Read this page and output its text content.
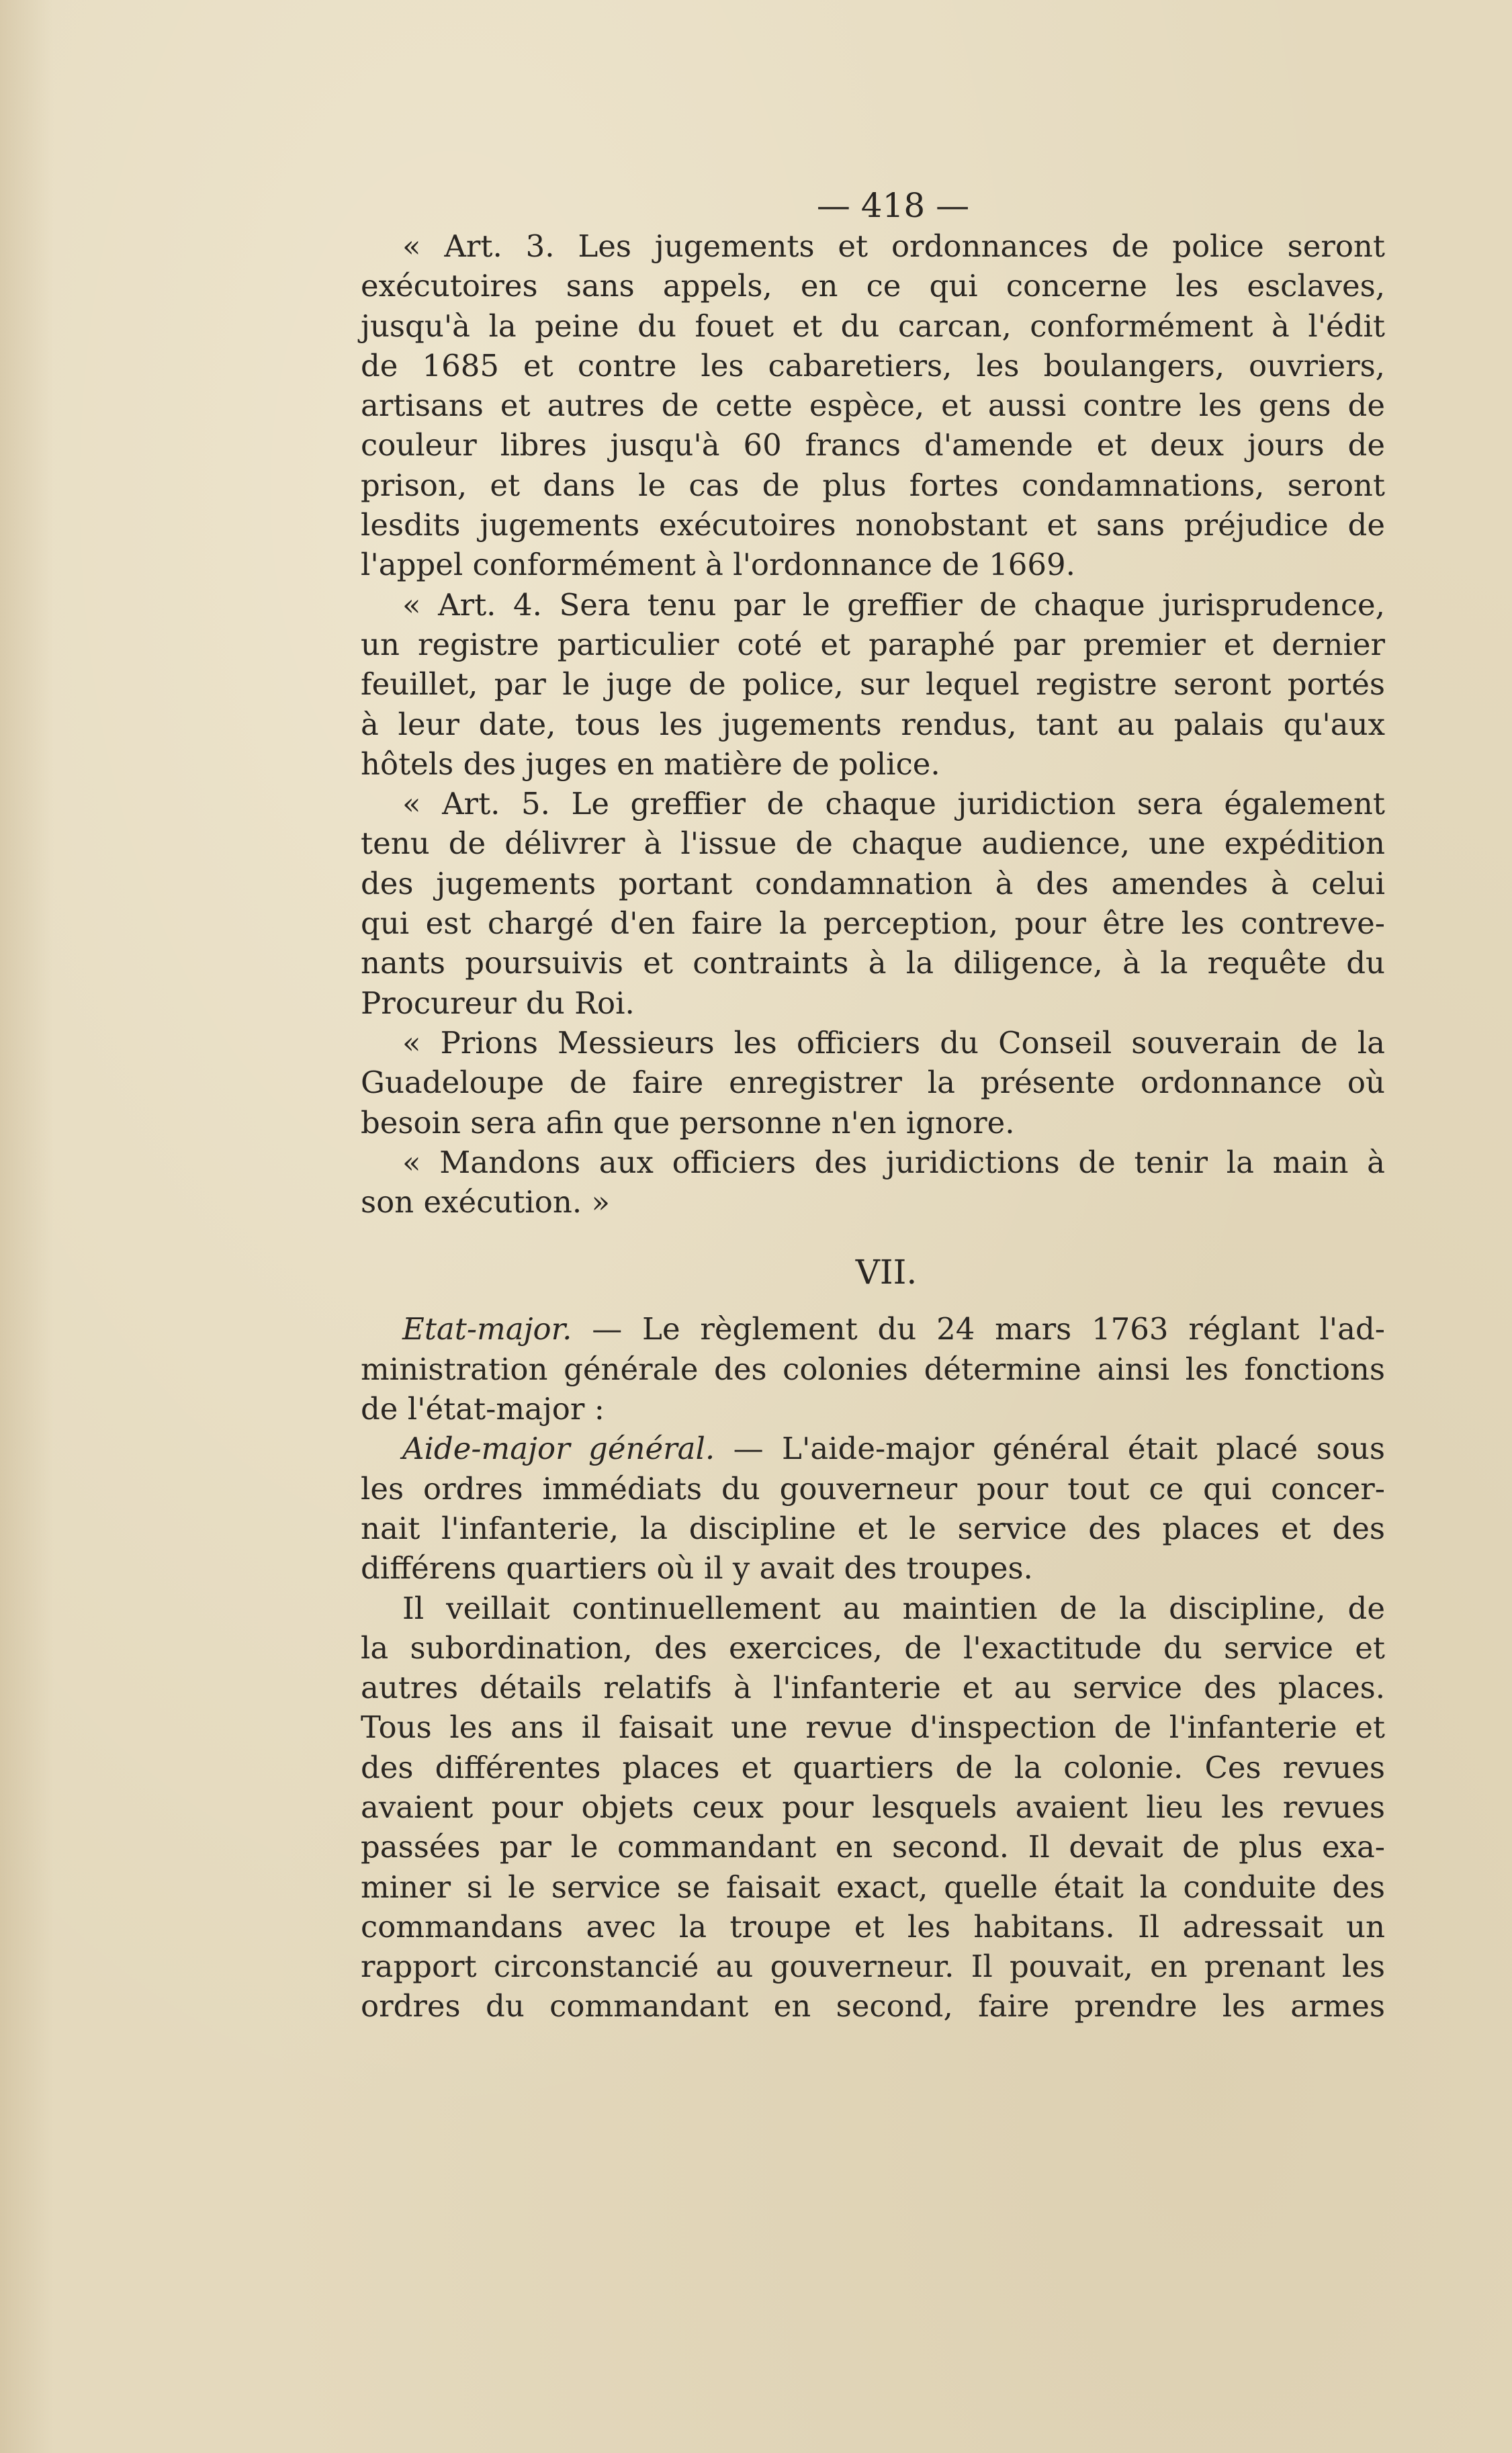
— 418 —
« Art. 3. Les jugements et ordonnances de police seront
exécutoires sans appels, en ce qui concerne les esclaves,
jusqu'à la peine du fouet et du carcan, conformément à l'édit
de 1685 et contre les cabaretiers, les boulangers, ouvriers,
artisans et autres de cette espèce, et aussi contre les gens de
couleur libres jusqu'à 60 francs d'amende et deux jours de
prison, et dans le cas de plus fortes condamnations, seront
lesdits jugements exécutoires nonobstant et sans préjudice de
l'appel conformément à l'ordonnance de 1669.
« Art. 4. Sera tenu par le greffier de chaque jurisprudence,
un registre particulier coté et paraphé par premier et dernier
feuillet, par le juge de police, sur lequel registre seront portés
à leur date, tous les jugements rendus, tant au palais qu'aux
hôtels des juges en matière de police.
« Art. 5. Le greffier de chaque juridiction sera également
tenu de délivrer à l'issue de chaque audience, une expédition
des jugements portant condamnation à des amendes à celui
qui est chargé d'en faire la perception, pour être les contreve-
nants poursuivis et contraints à la diligence, à la requête du
Procureur du Roi.
« Prions Messieurs les officiers du Conseil souverain de la
Guadeloupe de faire enregistrer la présente ordonnance où
besoin sera afin que personne n'en ignore.
« Mandons aux officiers des juridictions de tenir la main à
son exécution. »
VII.
Etat-major. — Le règlement du 24 mars 1763 réglant l'ad-
ministration générale des colonies détermine ainsi les fonctions
de l'état-major :
Aide-major général. — L'aide-major général était placé sous
les ordres immédiats du gouverneur pour tout ce qui concer-
nait l'infanterie, la discipline et le service des places et des
différens quartiers où il y avait des troupes.
Il veillait continuellement au maintien de la discipline, de
la subordination, des exercices, de l'exactitude du service et
autres détails relatifs à l'infanterie et au service des places.
Tous les ans il faisait une revue d'inspection de l'infanterie et
des différentes places et quartiers de la colonie. Ces revues
avaient pour objets ceux pour lesquels avaient lieu les revues
passées par le commandant en second. Il devait de plus exa-
miner si le service se faisait exact, quelle était la conduite des
commandans avec la troupe et les habitans. Il adressait un
rapport circonstancié au gouverneur. Il pouvait, en prenant les
ordres du commandant en second, faire prendre les armes
